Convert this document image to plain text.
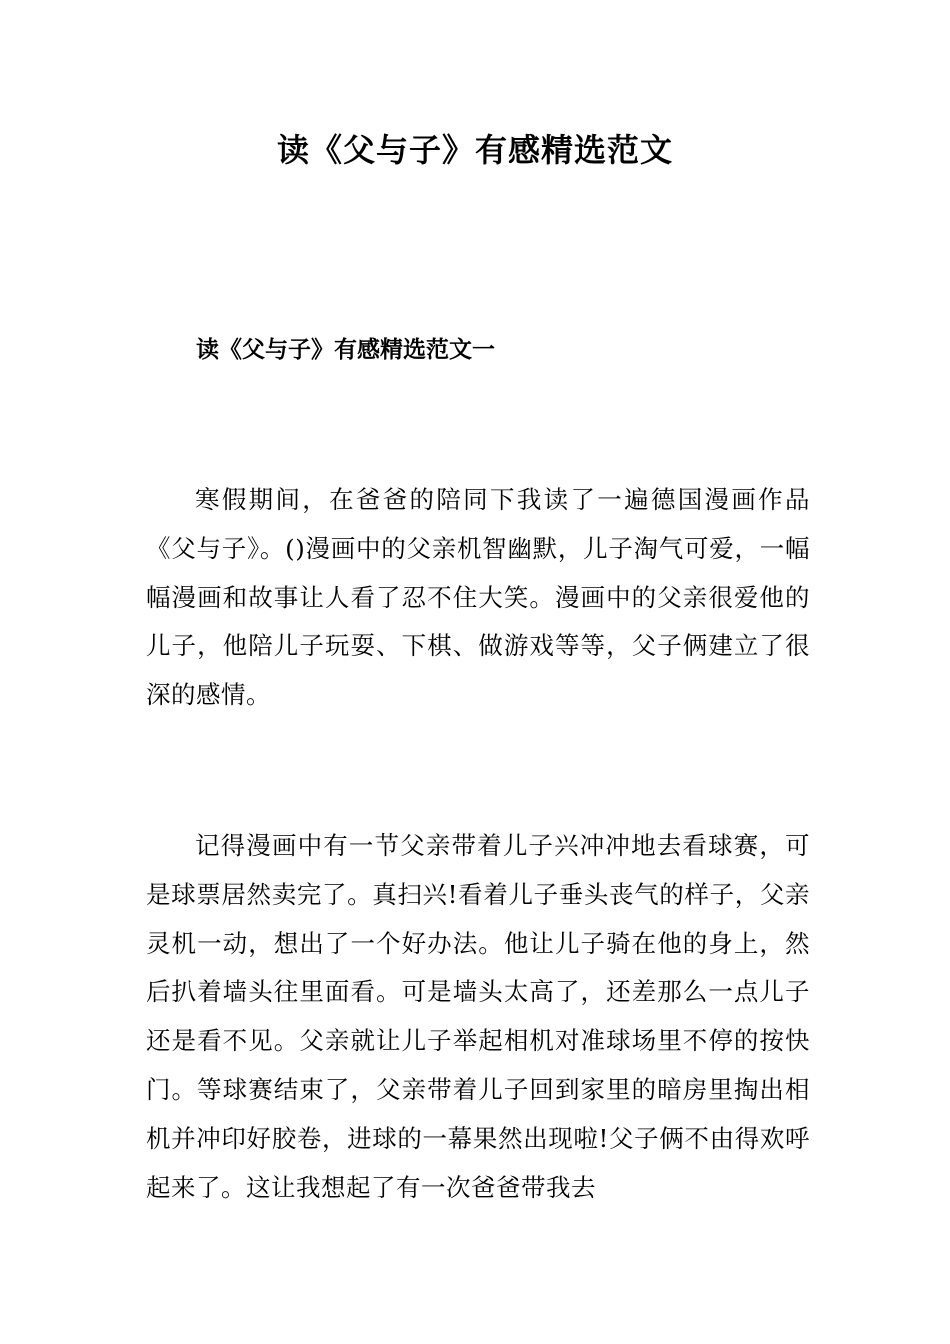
读《父与子》有感精选范文
读《父与子》有感精选范文一

寒假期间，在爸爸的陪同下我读了一遍德国漫画作品《父与子》。()漫画中的父亲机智幽默，儿子淘气可爱，一幅幅漫画和故事让人看了忍不住大笑。漫画中的父亲很爱他的儿子，他陪儿子玩耍、下棋、做游戏等等，父子俩建立了很深的感情。

记得漫画中有一节父亲带着儿子兴冲冲地去看球赛，可是球票居然卖完了。真扫兴!看着儿子垂头丧气的样子，父亲灵机一动，想出了一个好办法。他让儿子骑在他的身上，然后扒着墙头往里面看。可是墙头太高了，还差那么一点儿子还是看不见。父亲就让儿子举起相机对准球场里不停的按快门。等球赛结束了，父亲带着儿子回到家里的暗房里掏出相机并冲印好胶卷，进球的一幕果然出现啦!父子俩不由得欢呼起来了。这让我想起了有一次爸爸带我去
